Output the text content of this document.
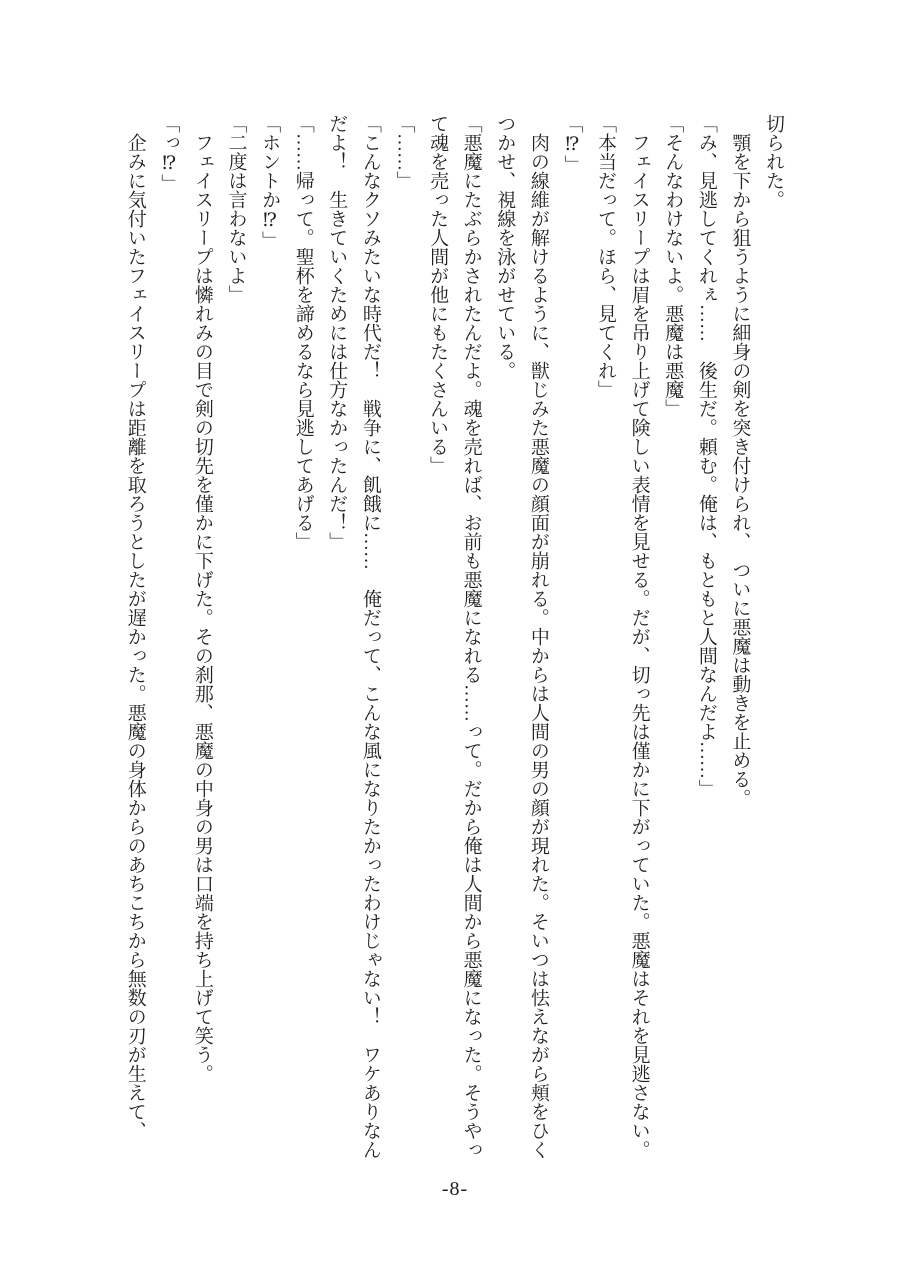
切られた。

顎を下から狙うように細身の剣を突き付けられ、　ついに悪魔は動きを止める。

「み、見逃してくれぇ……　後生だ。頼む。俺は、もともと人間なんだよ……」

「そんなわけないよ。悪魔は悪魔」

フェイスリープは眉を吊り上げて険しい表情を見せる。だが、切っ先は僅かに下がっていた。悪魔はそれを見逃さない。

「本当だって。ほら、見てくれ」

「⁉」

肉の線維が解けるように、獣じみた悪魔の顔面が崩れる。中からは人間の男の顔が現れた。そいつは怯えながら頬をひくつかせ、視線を泳がせている。

「悪魔にたぶらかされたんだよ。魂を売れば、お前も悪魔になれる……って。だから俺は人間から悪魔になった。そうやって魂を売った人間が他にもたくさんいる」

「……」

「こんなクソみたいな時代だ！　戦争に、飢餓に……　俺だって、こんな風になりたかったわけじゃない！　ワケありなんだよ！　生きていくためには仕方なかったんだ！」

「……帰って。聖杯を諦めるなら見逃してあげる」

「ホントか⁉」

「二度は言わないよ」

フェイスリープは憐れみの目で剣の切先を僅かに下げた。その刹那、悪魔の中身の男は口端を持ち上げて笑う。

「っ⁉」

企みに気付いたフェイスリープは距離を取ろうとしたが遅かった。悪魔の身体からのあちこちから無数の刃が生えて、

-8-
